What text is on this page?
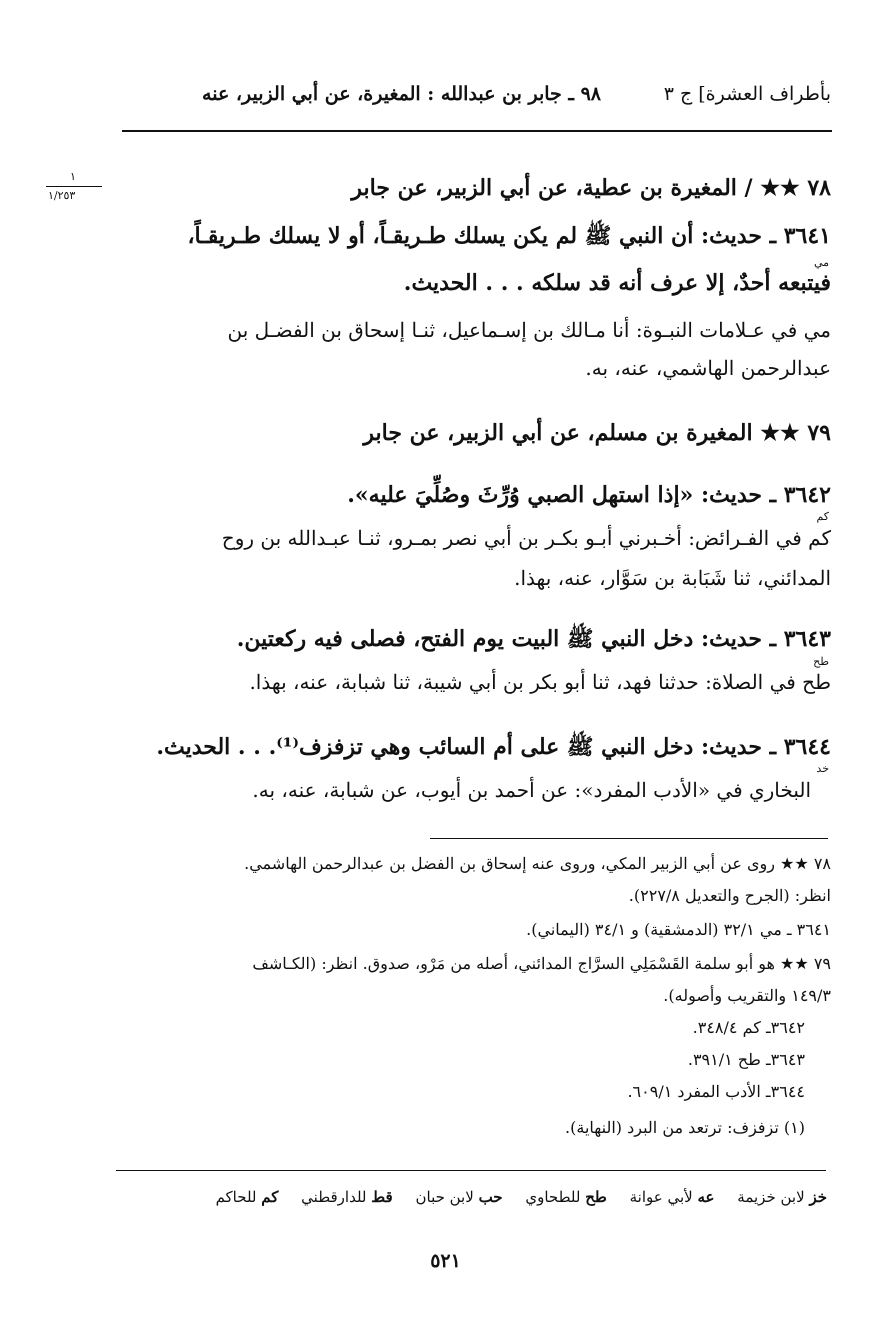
بأطراف العشرة] ج ٣
٩٨ ـ جابر بن عبدالله : المغيرة، عن أبي الزبير، عنه
١
١/٢٥٣	٧٨ ★★ / المغيرة بن عطية، عن أبي الزبير، عن جابر
٣٦٤١ ـ حديث: أن النبي ﷺ لم يكن يسلك طـريقـاً، أو لا يسلك طـريقـاً،
مي
فيتبعه أحدٌ، إلا عرف أنه قد سلكه . . . الحديث.
مي في عـلامات النبـوة: أنا مـالك بن إسـماعيل، ثنـا إسحاق بن الفضـل بن
عبدالرحمن الهاشمي، عنه، به.
٧٩ ★★ المغيرة بن مسلم، عن أبي الزبير، عن جابر
٣٦٤٢ ـ حديث: «إذا استهل الصبي وُرِّثَ وصُلِّيَ عليه».
كم
كم في الفـرائض: أخـبرني أبـو بكـر بن أبي نصر بمـرو، ثنـا عبـدالله بن روح
المدائني، ثنا شَبَابة بن سَوَّار، عنه، بهذا.
٣٦٤٣ ـ حديث: دخل النبي ﷺ البيت يوم الفتح، فصلى فيه ركعتين.
طح
طح في الصلاة: حدثنا فهد، ثنا أبو بكر بن أبي شيبة، ثنا شبابة، عنه، بهذا.
٣٦٤٤ ـ حديث: دخل النبي ﷺ على أم السائب وهي تزفزف⁽¹⁾. . . الحديث.
خد
البخاري في «الأدب المفرد»: عن أحمد بن أيوب، عن شبابة، عنه، به.
٧٨ ★★ روى عن أبي الزبير المكي، وروى عنه إسحاق بن الفضل بن عبدالرحمن الهاشمي.
انظر: (الجرح والتعديل ٢٢٧/٨).
٣٦٤١ ـ مي ٣٢/١ (الدمشقية) و ٣٤/١ (اليماني).
٧٩ ★★ هو أبو سلمة القَسْمَلِي السرَّاج المدائني، أصله من مَرْو، صدوق. انظر: (الكـاشف
١٤٩/٣ والتقريب وأصوله).
٣٦٤٢ـ كم ٣٤٨/٤.
٣٦٤٣ـ طح ٣٩١/١.
٣٦٤٤ـ الأدب المفرد ٦٠٩/١.
(١) تزفزف: ترتعد من البرد (النهاية).
خز لابن خزيمة عه لأبي عوانة طح للطحاوي حب لابن حبان قط للدارقطني كم للحاكم
٥٢١
